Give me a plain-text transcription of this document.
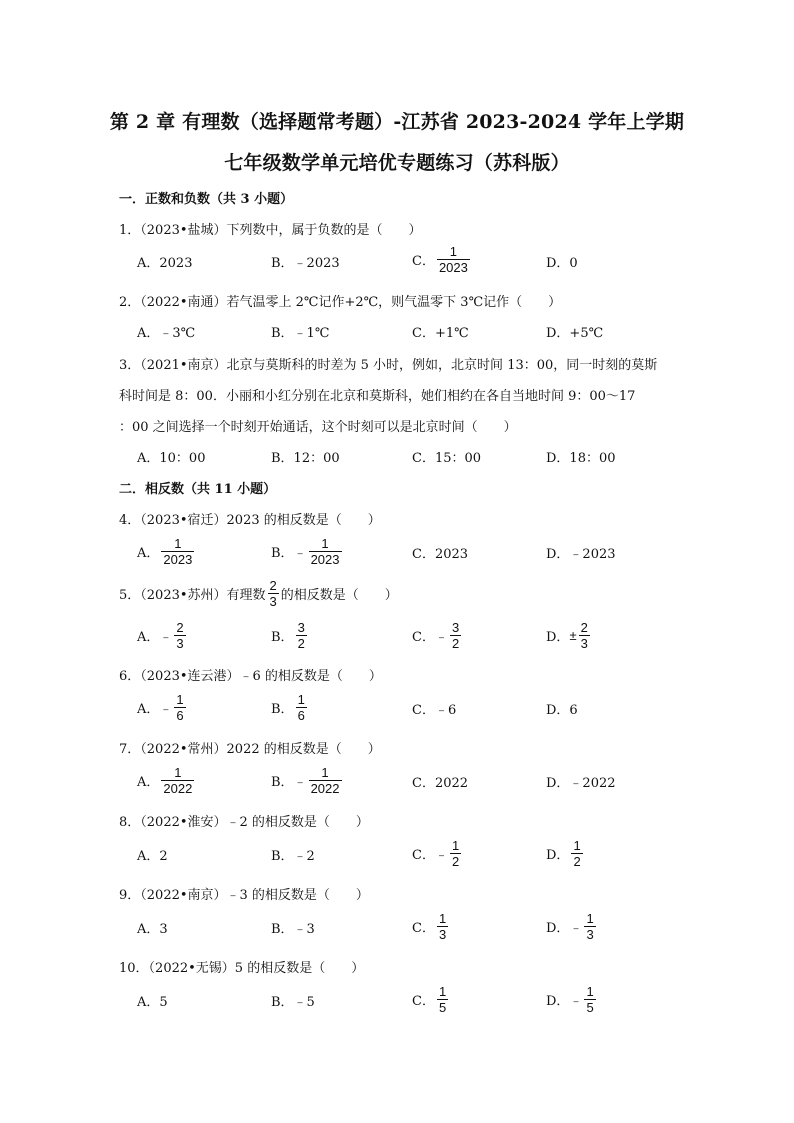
第 2 章 有理数（选择题常考题）-江苏省 2023-2024 学年上学期
七年级数学单元培优专题练习（苏科版）
一．正数和负数（共 3 小题）
1．（2023•盐城）下列数中，属于负数的是（　　）
A．2023	B．﹣2023	C． $\frac{1}{2023}$	D．0
2．（2022•南通）若气温零上 2℃记作+2℃，则气温零下 3℃记作（　　）
A．﹣3℃	B．﹣1℃	C．+1℃	D．+5℃
3．（2021•南京）北京与莫斯科的时差为 5 小时，例如，北京时间 13：00，同一时刻的莫斯
科时间是 8：00．小丽和小红分别在北京和莫斯科，她们相约在各自当地时间 9：00～17
：00 之间选择一个时刻开始通话，这个时刻可以是北京时间（　　）
A．10：00	B．12：00	C．15：00	D．18：00
二．相反数（共 11 小题）
4．（2023•宿迁）2023 的相反数是（　　）
A． $\frac{1}{2023}$	B． ﹣ $\frac{1}{2023}$	C．2023	D．﹣2023
5．（2023•苏州）有理数 $\frac{2}{3}$ 的相反数是（　　）
A． ﹣ $\frac{2}{3}$	B． $\frac{3}{2}$	C． ﹣ $\frac{3}{2}$	D． ± $\frac{2}{3}$
6．（2023•连云港）﹣6 的相反数是（　　）
A． ﹣ $\frac{1}{6}$	B． $\frac{1}{6}$	C．﹣6	D．6
7．（2022•常州）2022 的相反数是（　　）
A． $\frac{1}{2022}$	B． ﹣ $\frac{1}{2022}$	C．2022	D．﹣2022
8．（2022•淮安）﹣2 的相反数是（　　）
A．2	B．﹣2	C． ﹣ $\frac{1}{2}$	D． $\frac{1}{2}$
9．（2022•南京）﹣3 的相反数是（　　）
A．3	B．﹣3	C． $\frac{1}{3}$	D． ﹣ $\frac{1}{3}$
10．（2022•无锡）5 的相反数是（　　）
A．5	B．﹣5	C． $\frac{1}{5}$	D． ﹣ $\frac{1}{5}$
